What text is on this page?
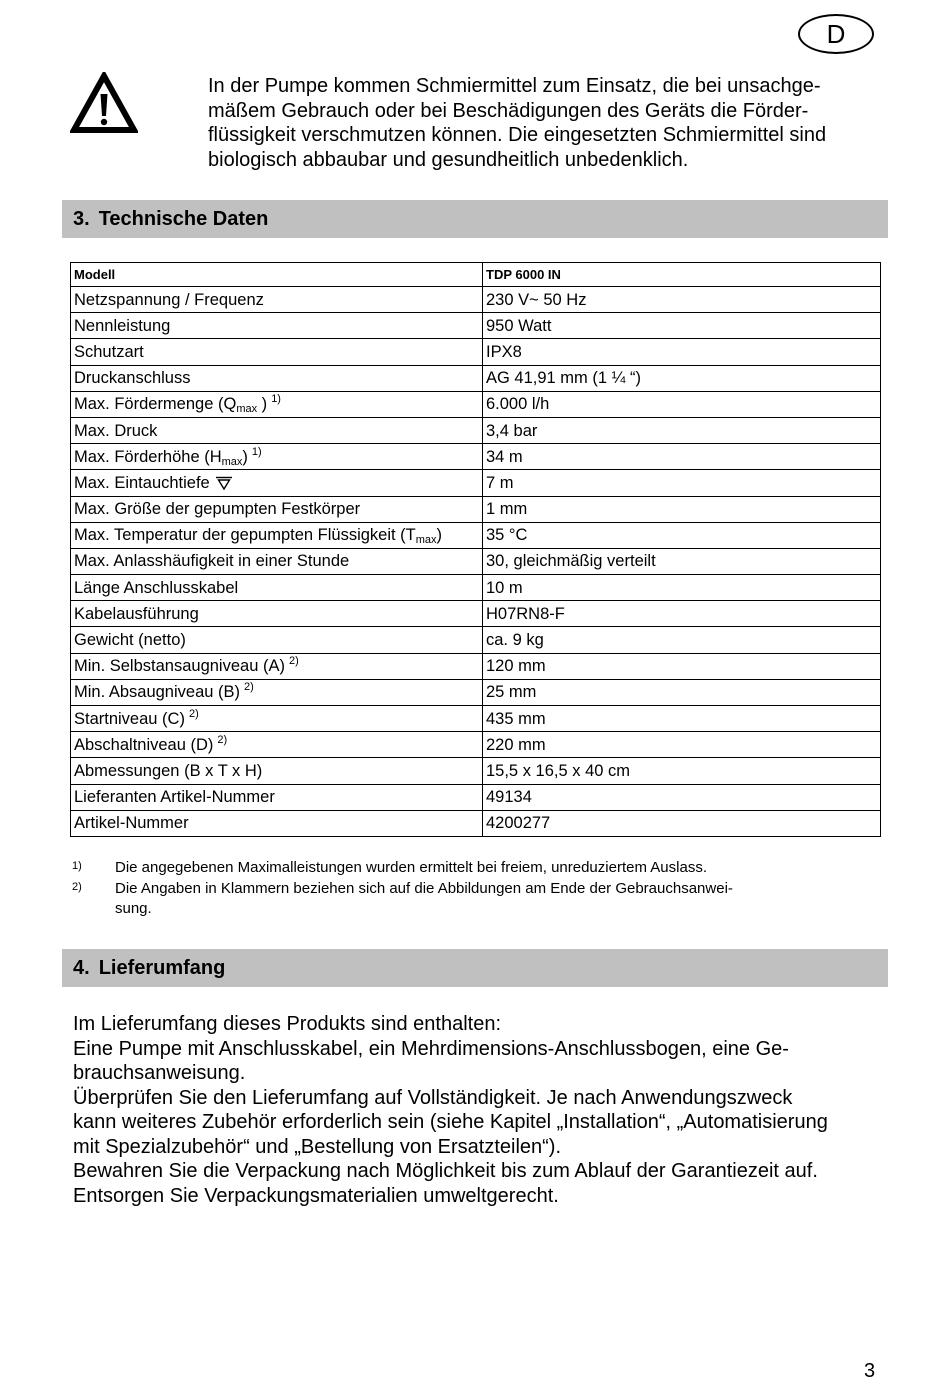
D

In der Pumpe kommen Schmiermittel zum Einsatz, die bei unsachge-

mäßem Gebrauch oder bei Beschädigungen des Geräts die Förder-

flüssigkeit verschmutzen können. Die eingesetzten Schmiermittel sind

biologisch abbaubar und gesundheitlich unbedenklich.

3. Technische Daten
Modell	TDP 6000 IN
Netzspannung / Frequenz	230 V~ 50 Hz
Nennleistung	950 Watt
Schutzart	IPX8
Druckanschluss	AG 41,91 mm (1 ¼ “)
Max. Fördermenge ($Q_{max}$ ) $^{1)}$	6.000 l/h
Max. Druck	3,4 bar
Max. Förderhöhe $(H_{max})$ $^{1)}$	34 m
Max. Eintauchtiefe	7 m
Max. Größe der gepumpten Festkörper	1 mm
Max. Temperatur der gepumpten Flüssigkeit $(T_{max})$	35 °C
Max. Anlasshäufigkeit in einer Stunde	30, gleichmäßig verteilt
Länge Anschlusskabel	10 m
Kabelausführung	H07RN8-F
Gewicht (netto)	ca. 9 kg
Min. Selbstansaugniveau (A) $^{2)}$	120 mm
Min. Absaugniveau (B) $^{2)}$	25 mm
Startniveau (C) $^{2)}$	435 mm
Abschaltniveau (D) $^{2)}$	220 mm
Abmessungen (B x T x H)	15,5 x 16,5 x 40 cm
Lieferanten Artikel-Nummer	49134
Artikel-Nummer	4200277
1)	Die angegebenen Maximalleistungen wurden ermittelt bei freiem, unreduziertem Auslass.
2)	Die Angaben in Klammern beziehen sich auf die Abbildungen am Ende der Gebrauchsanwei-
sung.
4. Lieferumfang

Im Lieferumfang dieses Produkts sind enthalten:

Eine Pumpe mit Anschlusskabel, ein Mehrdimensions-Anschlussbogen, eine Ge-

brauchsanweisung.

Überprüfen Sie den Lieferumfang auf Vollständigkeit. Je nach Anwendungszweck

kann weiteres Zubehör erforderlich sein (siehe Kapitel „Installation“, „Automatisierung

mit Spezialzubehör“ und „Bestellung von Ersatzteilen“).

Bewahren Sie die Verpackung nach Möglichkeit bis zum Ablauf der Garantiezeit auf.

Entsorgen Sie Verpackungsmaterialien umweltgerecht.

3
